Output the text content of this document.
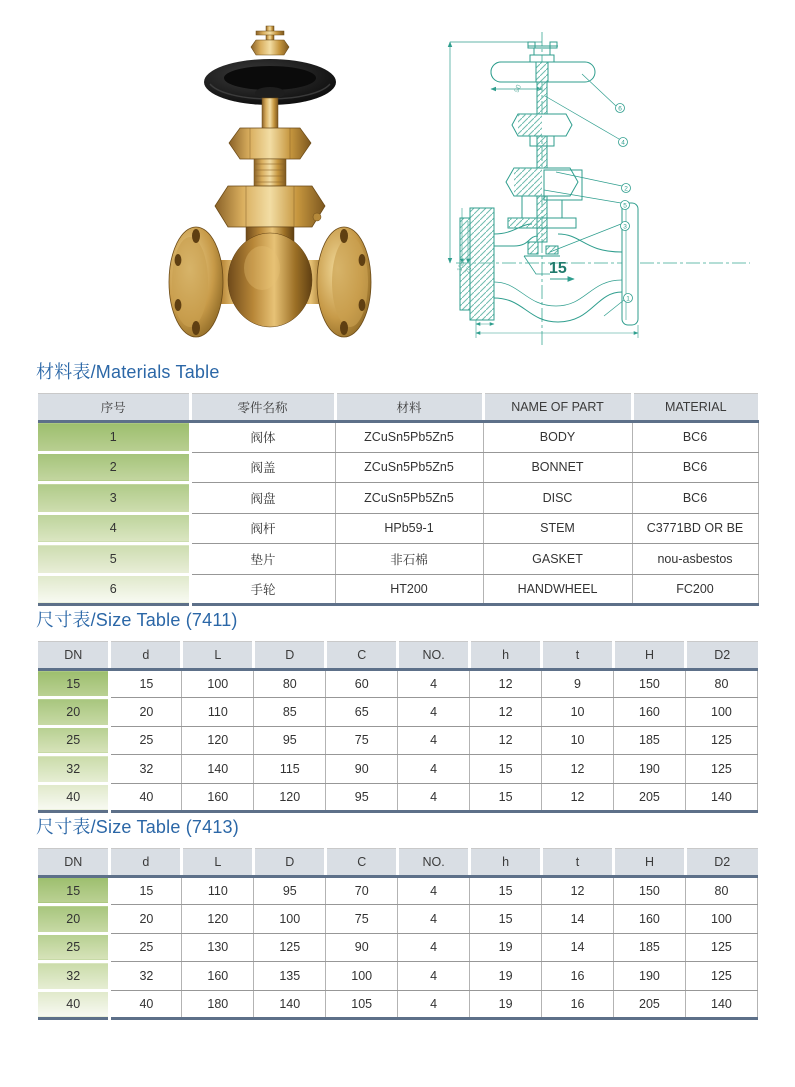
6
4
2
5
3
1
90
100
70	15
材料表/Materials Table
序号	零件名称	材料	NAME OF PART	MATERIAL
1	阀体	ZCuSn5Pb5Zn5	BODY	BC6
2	阀盖	ZCuSn5Pb5Zn5	BONNET	BC6
3	阀盘	ZCuSn5Pb5Zn5	DISC	BC6
4	阀杆	HPb59-1	STEM	C3771BD OR BE
5	垫片	非石棉	GASKET	nou-asbestos
6	手轮	HT200	HANDWHEEL	FC200
尺寸表/Size Table (7411)
DN	d	L	D	C	NO.	h	t	H	D2
15	15	100	80	60	4	12	9	150	80
20	20	110	85	65	4	12	10	160	100
25	25	120	95	75	4	12	10	185	125
32	32	140	115	90	4	15	12	190	125
40	40	160	120	95	4	15	12	205	140
尺寸表/Size Table (7413)
DN	d	L	D	C	NO.	h	t	H	D2
15	15	110	95	70	4	15	12	150	80
20	20	120	100	75	4	15	14	160	100
25	25	130	125	90	4	19	14	185	125
32	32	160	135	100	4	19	16	190	125
40	40	180	140	105	4	19	16	205	140
